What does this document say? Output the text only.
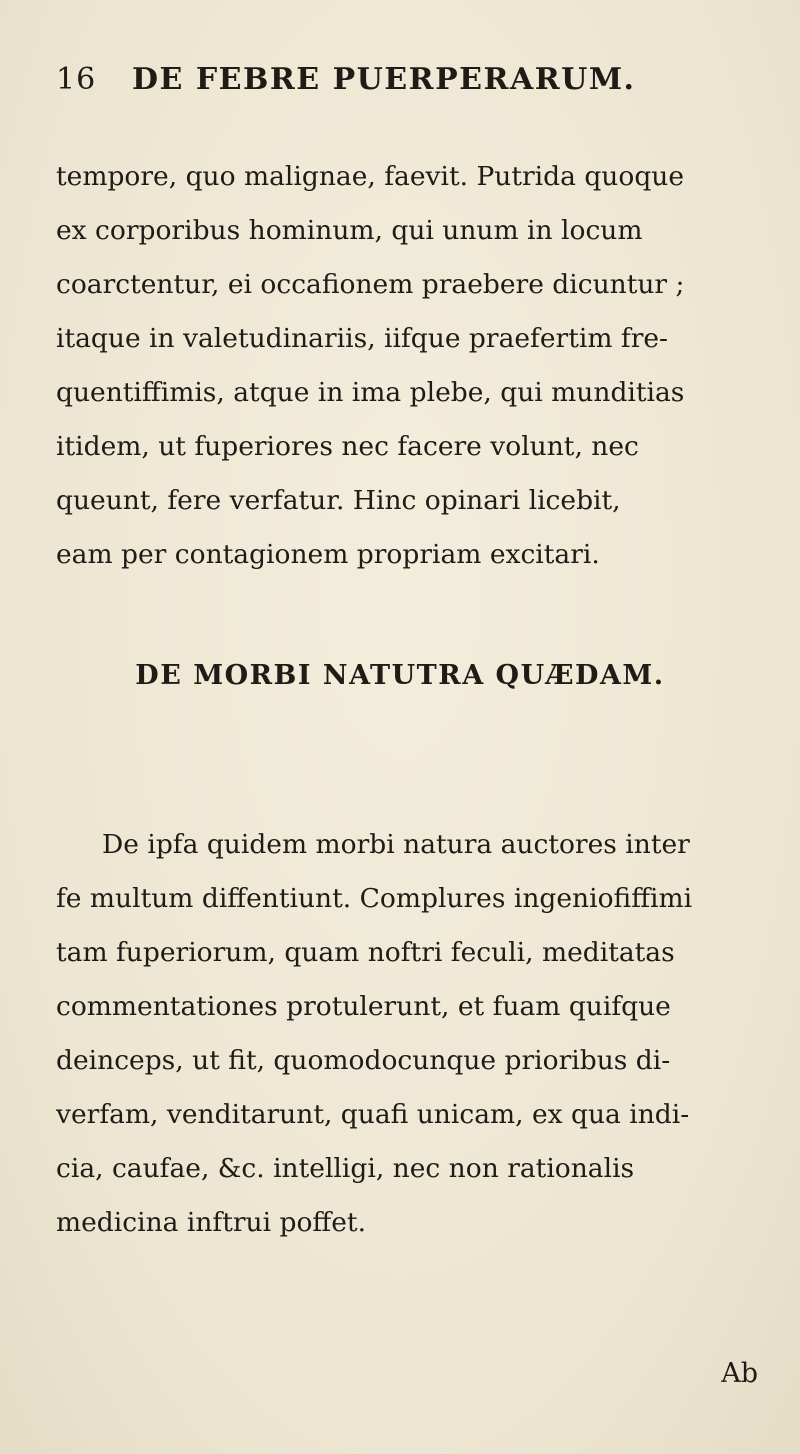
16 DE FEBRE PUERPERARUM.
tempore, quo malignae, faevit. Putrida quoque
ex corporibus hominum, qui unum in locum
coarctentur, ei occafionem praebere dicuntur ;
itaque in valetudinariis, iifque praefertim fre-
quentiffimis, atque in ima plebe, qui munditias
itidem, ut fuperiores nec facere volunt, nec
queunt, fere verfatur. Hinc opinari licebit,
eam per contagionem propriam excitari.
DE MORBI NATUTRA QUÆDAM.
De ipfa quidem morbi natura auctores inter
fe multum diffentiunt. Complures ingeniofiffimi
tam fuperiorum, quam noftri feculi, meditatas
commentationes protulerunt, et fuam quifque
deinceps, ut fit, quomodocunque prioribus di-
verfam, venditarunt, quafi unicam, ex qua indi-
cia, caufae, &c. intelligi, nec non rationalis
medicina inftrui poffet.
Ab
